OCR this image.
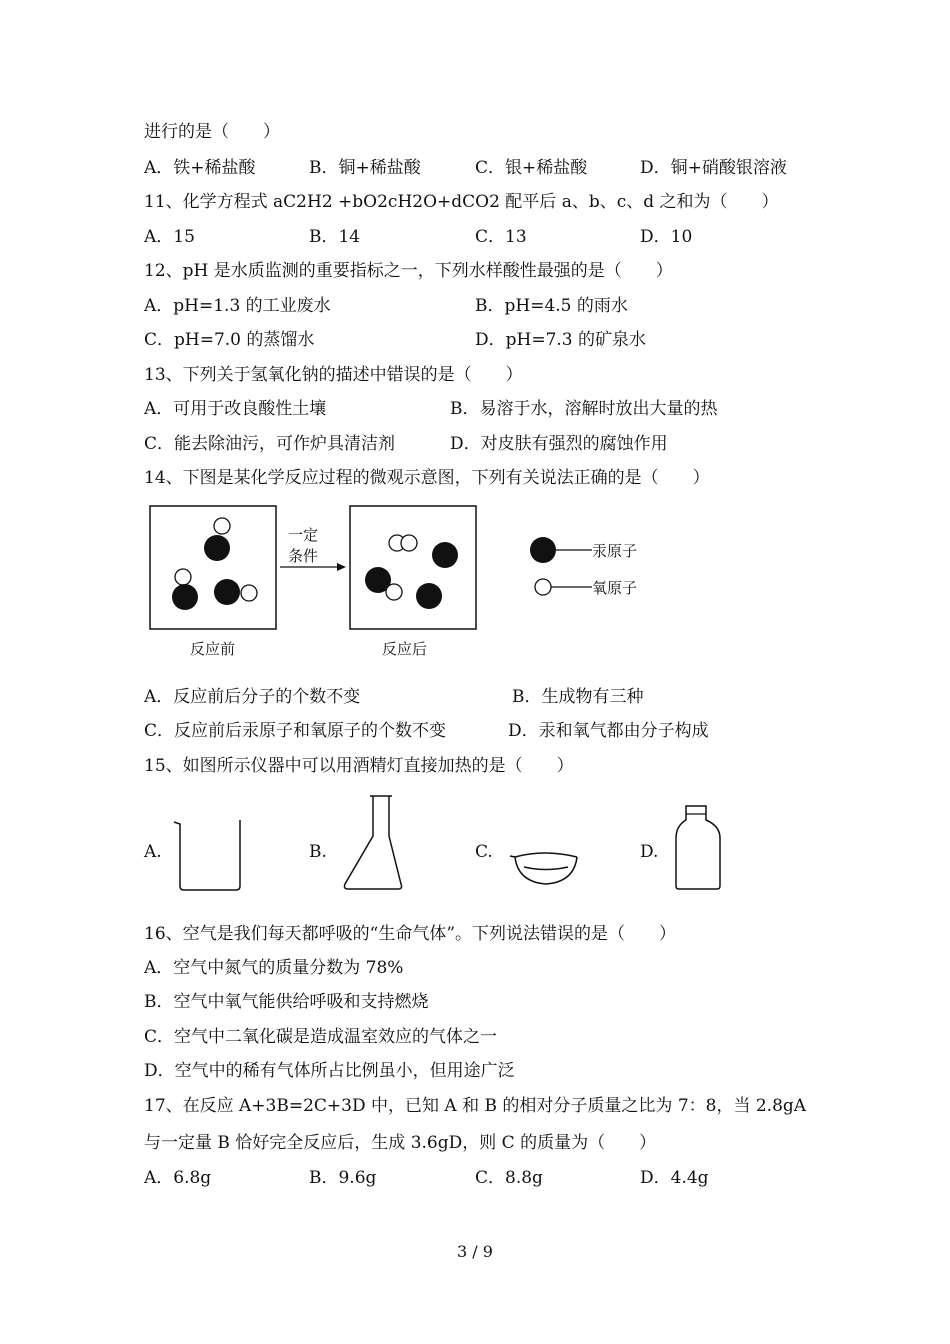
进行的是（　　）
A．铁+稀盐酸	B．铜+稀盐酸	C．银+稀盐酸	D．铜+硝酸银溶液
11、化学方程式 aC2H2 +bO2cH2O+dCO2 配平后 a、b、c、d 之和为（　　）
A．15	B．14	C．13	D．10
12、pH 是水质监测的重要指标之一，下列水样酸性最强的是（　　）
A．pH=1.3 的工业废水	B．pH=4.5 的雨水
C．pH=7.0 的蒸馏水	D．pH=7.3 的矿泉水
13、下列关于氢氧化钠的描述中错误的是（　　）
A．可用于改良酸性土壤	B．易溶于水，溶解时放出大量的热
C．能去除油污，可作炉具清洁剂	D．对皮肤有强烈的腐蚀作用
14、下图是某化学反应过程的微观示意图，下列有关说法正确的是（　　）
一定
条件
反应前	反应后
汞原子
氧原子
A．反应前后分子的个数不变	B．生成物有三种
C．反应前后汞原子和氧原子的个数不变	D．汞和氧气都由分子构成
15、如图所示仪器中可以用酒精灯直接加热的是（　　）
A.	B.	C.	D.
16、空气是我们每天都呼吸的“生命气体”。下列说法错误的是（　　）
A．空气中氮气的质量分数为 78%
B．空气中氧气能供给呼吸和支持燃烧
C．空气中二氧化碳是造成温室效应的气体之一
D．空气中的稀有气体所占比例虽小，但用途广泛
17、在反应 A+3B=2C+3D 中，已知 A 和 B 的相对分子质量之比为 7：8，当 2.8gA
与一定量 B 恰好完全反应后，生成 3.6gD，则 C 的质量为（　　）
A．6.8g	B．9.6g	C．8.8g	D．4.4g
3 / 9
